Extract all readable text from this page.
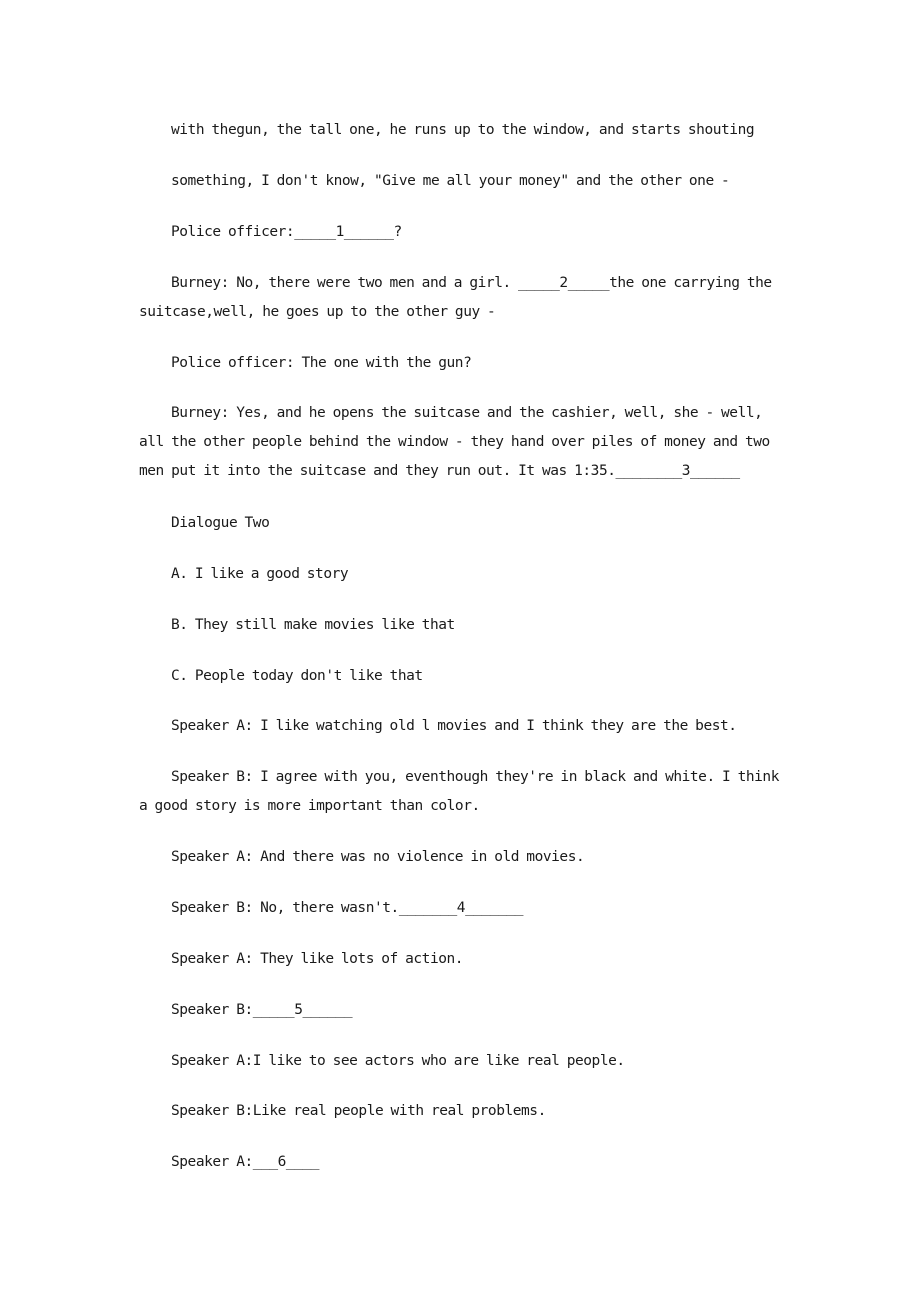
with thegun, the tall one, he runs up to the window, and starts shouting

something, I don't know, "Give me all your money" and the other one -

Police officer:_____1______?

Burney: No, there were two men and a girl. _____2_____the one carrying the suitcase,well, he goes up to the other guy -

Police officer: The one with the gun?

Burney: Yes, and he opens the suitcase and the cashier, well, she - well, all the other people behind the window - they hand over piles of money and two men put it into the suitcase and they run out. It was 1:35.________3______

Dialogue Two

A. I like a good story

B. They still make movies like that

C. People today don't like that

Speaker A: I like watching old l movies and I think they are the best.

Speaker B: I agree with you, eventhough they're in black and white. I think a good story is more important than color.

Speaker A: And there was no violence in old movies.

Speaker B: No, there wasn't._______4_______

Speaker A: They like lots of action.

Speaker B:_____5______

Speaker A:I like to see actors who are like real people.

Speaker B:Like real people with real problems.

Speaker A:___6____
